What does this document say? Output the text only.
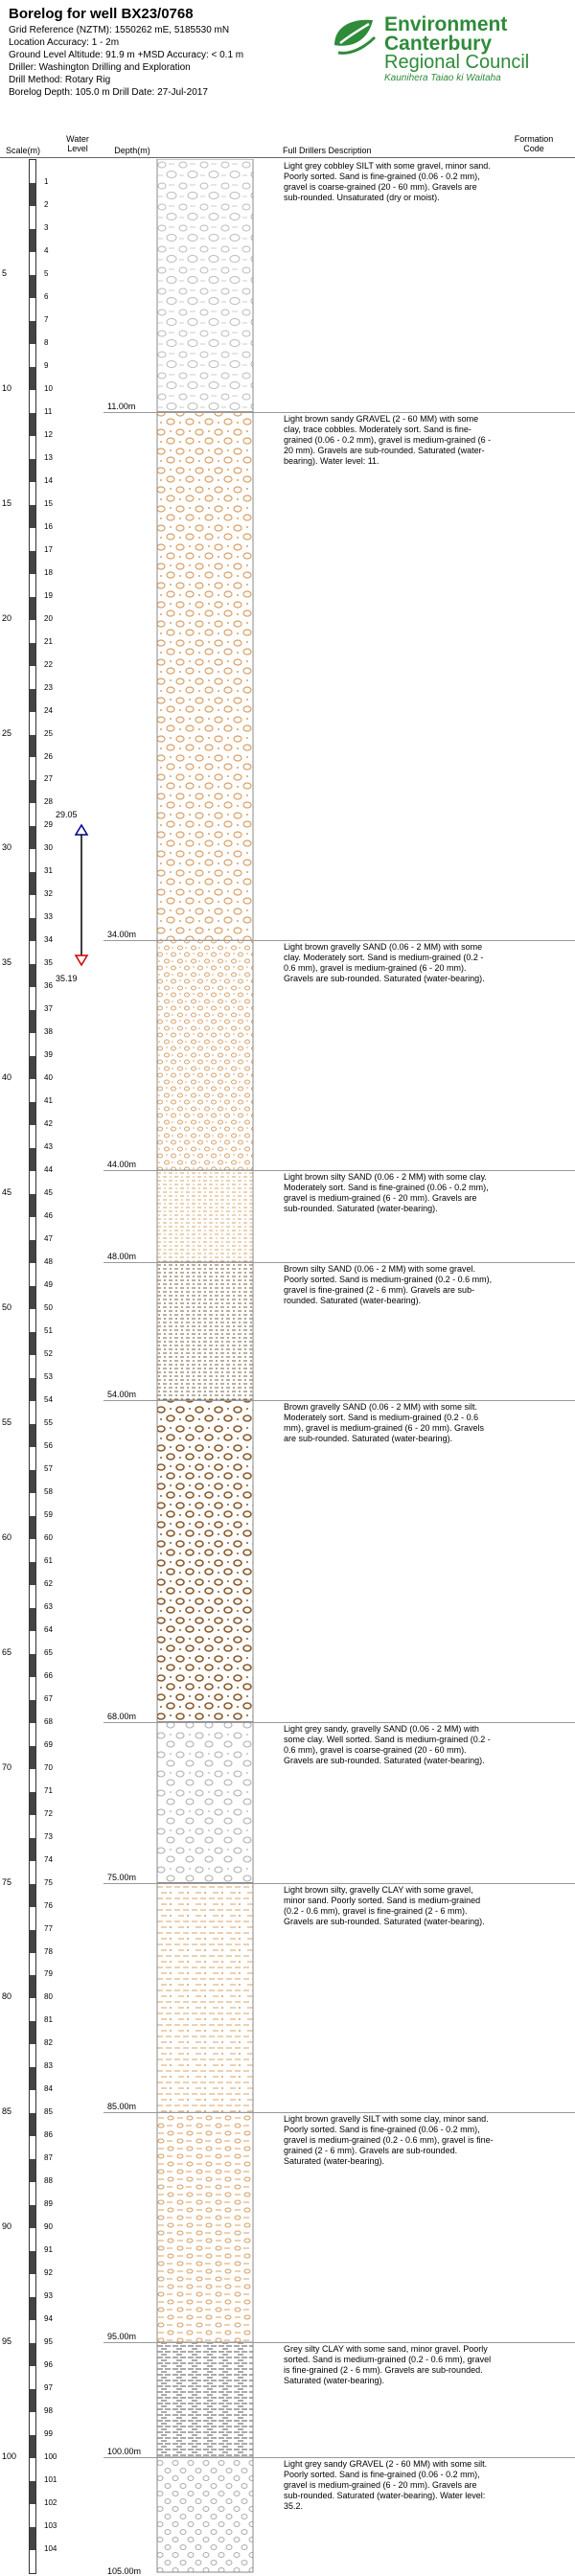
Borelog for well BX23/0768
Grid Reference (NZTM): 1550262 mE, 5185530 mN
Location Accuracy: 1 - 2m
Ground Level Altitude: 91.9 m +MSD Accuracy: < 0.1 m
Driller: Washington Drilling and Exploration
Drill Method: Rotary Rig
Borelog Depth: 105.0 m Drill Date: 27-Jul-2017
Environment
Canterbury
Regional Council
Kaunihera Taiao ki Waitaha
Scale(m)
Water Level	Depth(m)	Full Drillers Description
Formation Code
5
10
15
20
25
30
35
40
45
50
55
60
65
70
75
80
85
90
95
100
1
2
3
4
5
6
7
8
9
10
11
12
13
14
15
16
17
18
19
20
21
22
23
24
25
26
27
28
29
30
31
32
33
34
35
36
37
38
39
40
41
42
43
44
45
46
47
48
49
50
51
52
53
54
55
56
57
58
59
60
61
62
63
64
65
66
67
68
69
70
71
72
73
74
75
76
77
78
79
80
81
82
83
84
85
86
87
88
89
90
91
92
93
94
95
96
97
98
99
100
101
102
103
104
11.00m
Light grey cobbley SILT with some gravel, minor sand. Poorly sorted. Sand is fine-grained (0.06 - 0.2 mm), gravel is coarse-grained (20 - 60 mm). Gravels are sub-rounded. Unsaturated (dry or moist).
34.00m
Light brown sandy GRAVEL (2 - 60 MM) with some clay, trace cobbles. Moderately sort. Sand is fine-grained (0.06 - 0.2 mm), gravel is medium-grained (6 - 20 mm). Gravels are sub-rounded. Saturated (water-bearing). Water level: 11.
44.00m
Light brown gravelly SAND (0.06 - 2 MM) with some clay. Moderately sort. Sand is medium-grained (0.2 - 0.6 mm), gravel is medium-grained (6 - 20 mm). Gravels are sub-rounded. Saturated (water-bearing).
48.00m
Light brown silty SAND (0.06 - 2 MM) with some clay. Moderately sort. Sand is fine-grained (0.06 - 0.2 mm), gravel is medium-grained (6 - 20 mm). Gravels are sub-rounded. Saturated (water-bearing).
54.00m
Brown silty SAND (0.06 - 2 MM) with some gravel. Poorly sorted. Sand is medium-grained (0.2 - 0.6 mm), gravel is fine-grained (2 - 6 mm). Gravels are sub-rounded. Saturated (water-bearing).
68.00m
Brown gravelly SAND (0.06 - 2 MM) with some silt. Moderately sort. Sand is medium-grained (0.2 - 0.6 mm), gravel is medium-grained (6 - 20 mm). Gravels are sub-rounded. Saturated (water-bearing).
75.00m
Light grey sandy, gravelly SAND (0.06 - 2 MM) with some clay. Well sorted. Sand is medium-grained (0.2 - 0.6 mm), gravel is coarse-grained (20 - 60 mm). Gravels are sub-rounded. Saturated (water-bearing).
85.00m
Light brown silty, gravelly CLAY with some gravel, minor sand. Poorly sorted. Sand is medium-grained (0.2 - 0.6 mm), gravel is fine-grained (2 - 6 mm). Gravels are sub-rounded. Saturated (water-bearing).
95.00m
Light brown gravelly SILT with some clay, minor sand. Poorly sorted. Sand is fine-grained (0.06 - 0.2 mm), gravel is medium-grained (0.2 - 0.6 mm), gravel is fine-grained (2 - 6 mm). Gravels are sub-rounded. Saturated (water-bearing).
100.00m
Grey silty CLAY with some sand, minor gravel. Poorly sorted. Sand is medium-grained (0.2 - 0.6 mm), gravel is fine-grained (2 - 6 mm). Gravels are sub-rounded. Saturated (water-bearing).
105.00m
Light grey sandy GRAVEL (2 - 60 MM) with some silt. Poorly sorted. Sand is fine-grained (0.06 - 0.2 mm), gravel is medium-grained (6 - 20 mm). Gravels are sub-rounded. Saturated (water-bearing). Water level: 35.2.
29.05
35.19
